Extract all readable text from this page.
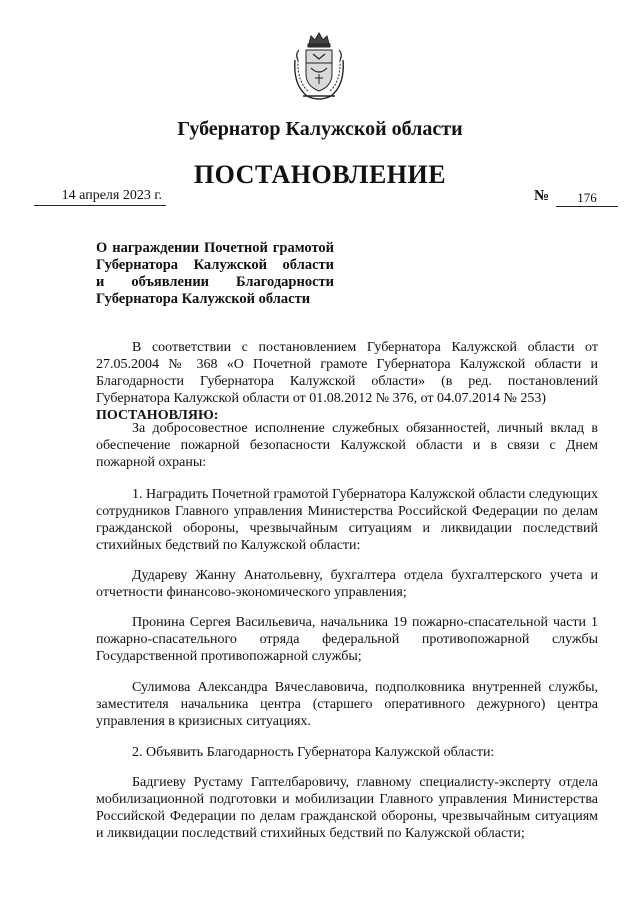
Губернатор Калужской области
ПОСТАНОВЛЕНИЕ
14 апреля 2023 г.	№	176
О награждении Почетной грамотой
Губернатора Калужской области
и объявлении Благодарности
Губернатора Калужской области
В соответствии с постановлением Губернатора Калужской области от 27.05.2004 № 368 «О Почетной грамоте Губернатора Калужской области и Благодарности Губернатора Калужской области» (в ред. постановлений Губернатора Калужской области от 01.08.2012 № 376, от 04.07.2014 № 253)
ПОСТАНОВЛЯЮ:
За добросовестное исполнение служебных обязанностей, личный вклад в обеспечение пожарной безопасности Калужской области и в связи с Днем пожарной охраны:
1. Наградить Почетной грамотой Губернатора Калужской области следующих сотрудников Главного управления Министерства Российской Федерации по делам гражданской обороны, чрезвычайным ситуациям и ликвидации последствий стихийных бедствий по Калужской области:
Дудареву Жанну Анатольевну, бухгалтера отдела бухгалтерского учета и отчетности финансово-экономического управления;
Пронина Сергея Васильевича, начальника 19 пожарно-спасательной части 1 пожарно-спасательного отряда федеральной противопожарной службы Государственной противопожарной службы;
Сулимова Александра Вячеславовича, подполковника внутренней службы, заместителя начальника центра (старшего оперативного дежурного) центра управления в кризисных ситуациях.
2. Объявить Благодарность Губернатора Калужской области:
Бадгиеву Рустаму Гаптелбаровичу, главному специалисту-эксперту отдела мобилизационной подготовки и мобилизации Главного управления Министерства Российской Федерации по делам гражданской обороны, чрезвычайным ситуациям и ликвидации последствий стихийных бедствий по Калужской области;
